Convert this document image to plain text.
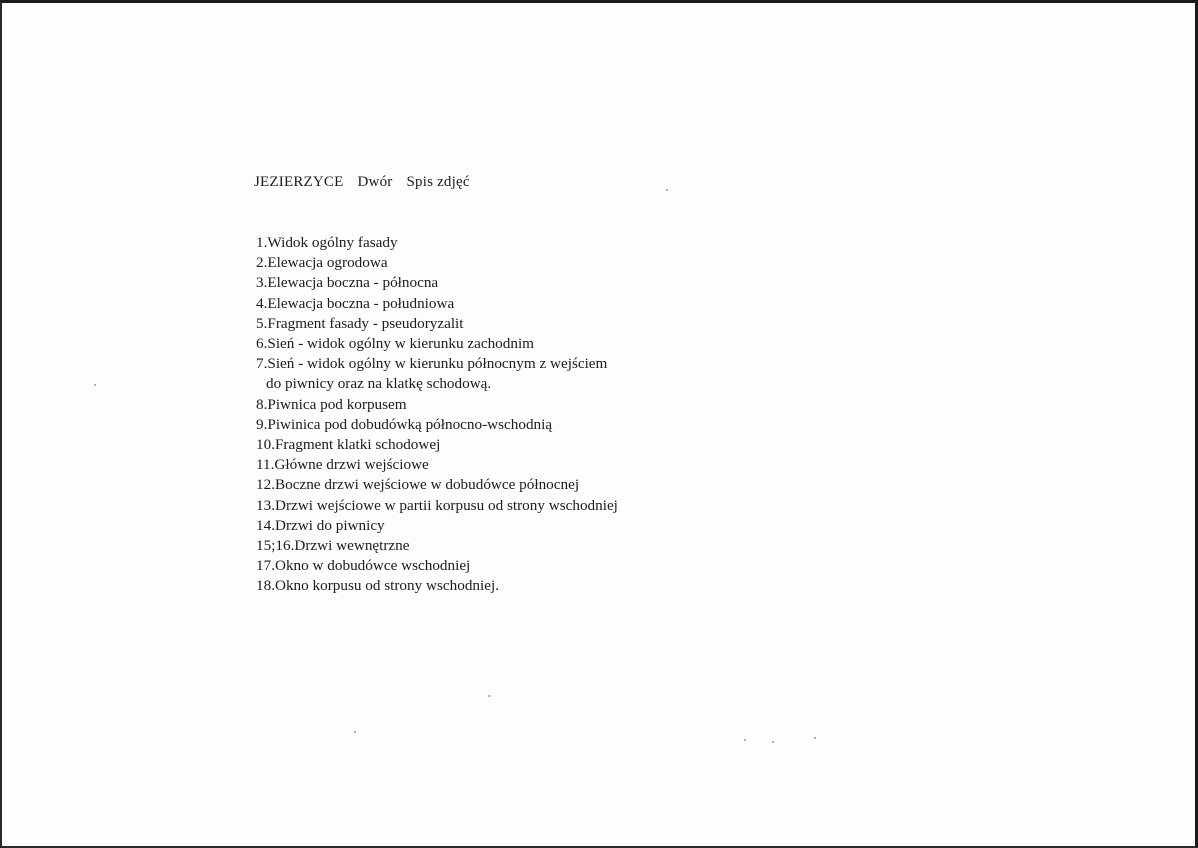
JEZIERZYCE Dwór Spis zdjęć
1.Widok ogólny fasady
2.Elewacja ogrodowa
3.Elewacja boczna - północna
4.Elewacja boczna - południowa
5.Fragment fasady - pseudoryzalit
6.Sień - widok ogólny w kierunku zachodnim
7.Sień - widok ogólny w kierunku północnym z wejściem
do piwnicy oraz na klatkę schodową.
8.Piwnica pod korpusem
9.Piwinica pod dobudówką północno-wschodnią
10.Fragment klatki schodowej
11.Główne drzwi wejściowe
12.Boczne drzwi wejściowe w dobudówce północnej
13.Drzwi wejściowe w partii korpusu od strony wschodniej
14.Drzwi do piwnicy
15;16.Drzwi wewnętrzne
17.Okno w dobudówce wschodniej
18.Okno korpusu od strony wschodniej.
